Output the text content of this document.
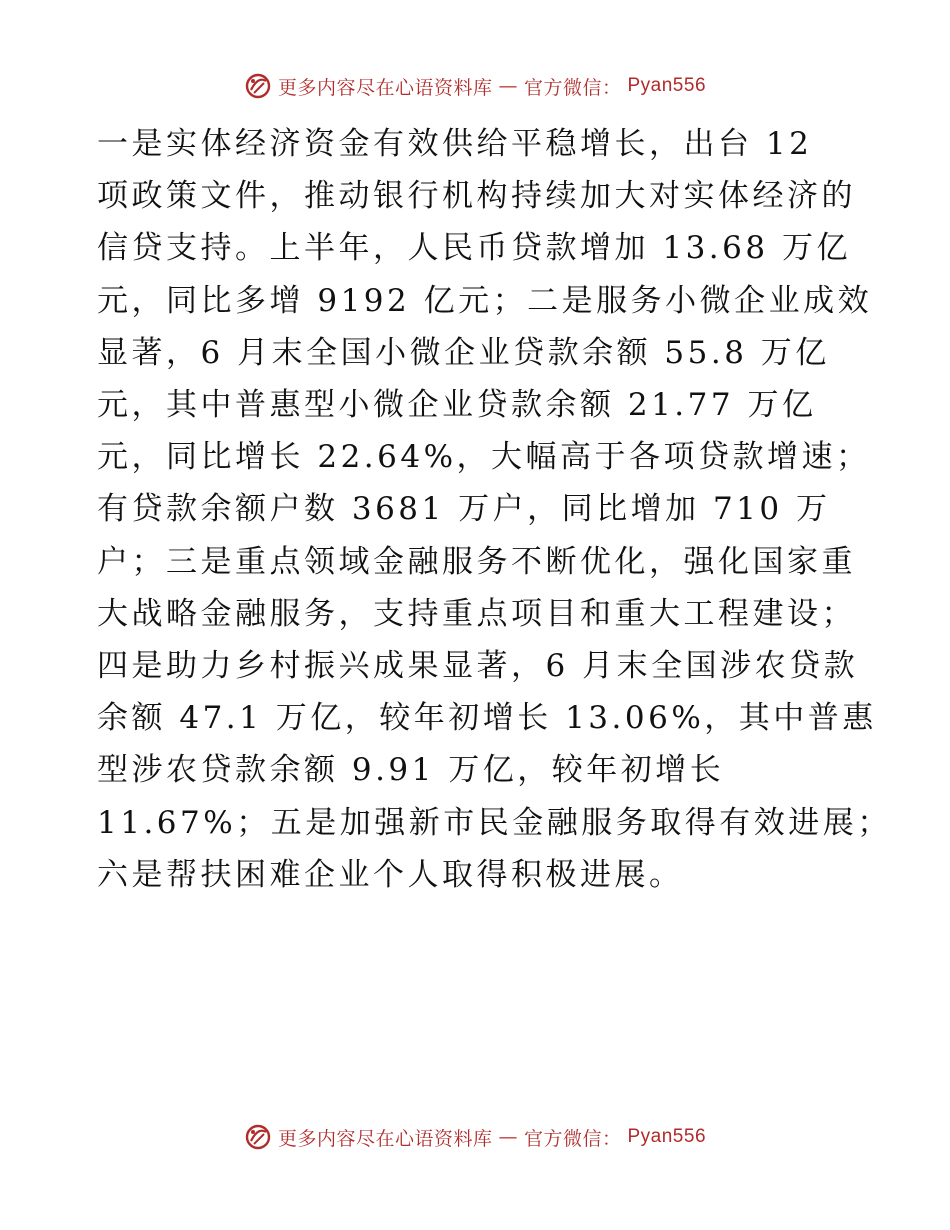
更多内容尽在心语资料库 — 官方微信： Pyan556
一是实体经济资金有效供给平稳增长，出台 12
项政策文件，推动银行机构持续加大对实体经济的
信贷支持。上半年，人民币贷款增加 13.68 万亿
元，同比多增 9192 亿元；二是服务小微企业成效
显著，6 月末全国小微企业贷款余额 55.8 万亿
元，其中普惠型小微企业贷款余额 21.77 万亿
元，同比增长 22.64%，大幅高于各项贷款增速；
有贷款余额户数 3681 万户，同比增加 710 万
户；三是重点领域金融服务不断优化，强化国家重
大战略金融服务，支持重点项目和重大工程建设；
四是助力乡村振兴成果显著，6 月末全国涉农贷款
余额 47.1 万亿，较年初增长 13.06%，其中普惠
型涉农贷款余额 9.91 万亿，较年初增长
11.67%；五是加强新市民金融服务取得有效进展；
六是帮扶困难企业个人取得积极进展。
更多内容尽在心语资料库 — 官方微信： Pyan556
